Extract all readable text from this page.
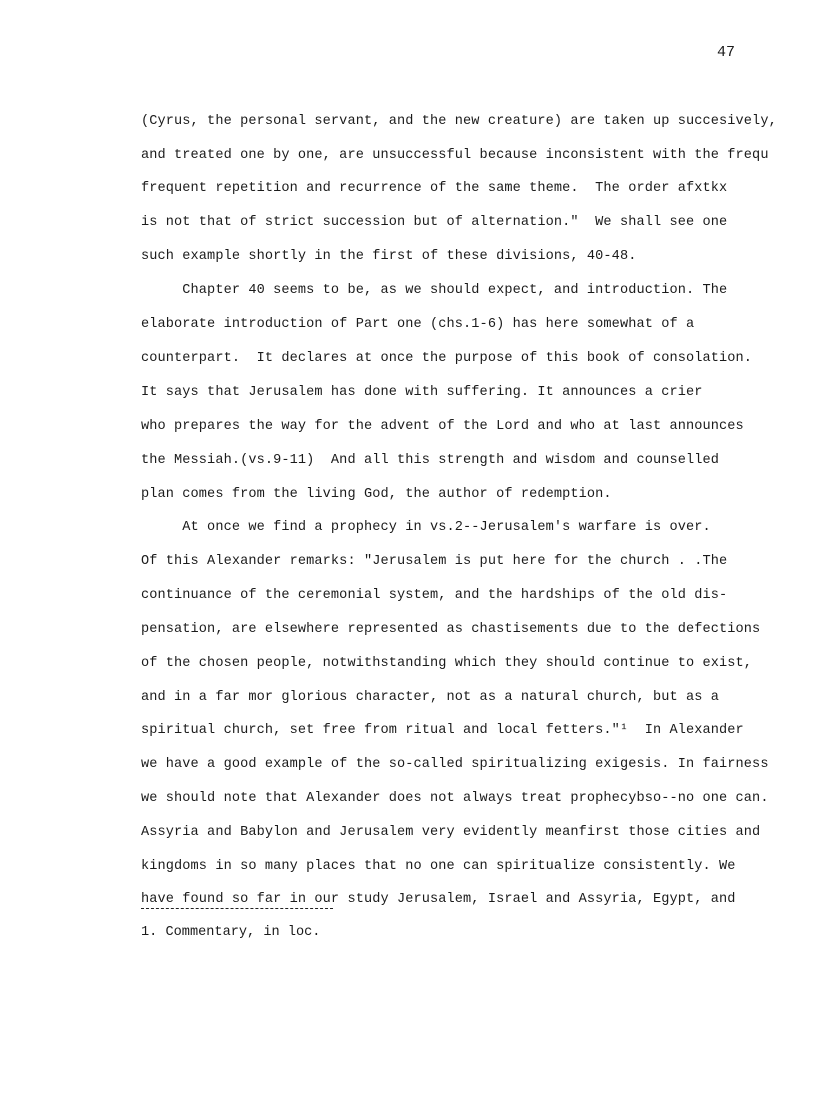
47
(Cyrus, the personal servant, and the new creature) are taken up succesively,
and treated one by one, are unsuccessful because inconsistent with the frequ
frequent repetition and recurrence of the same theme.  The order afxtkx
is not that of strict succession but of alternation."  We shall see one
such example shortly in the first of these divisions, 40-48.
Chapter 40 seems to be, as we should expect, and introduction. The
elaborate introduction of Part one (chs.1-6) has here somewhat of a
counterpart.  It declares at once the purpose of this book of consolation.
It says that Jerusalem has done with suffering. It announces a crier
who prepares the way for the advent of the Lord and who at last announces
the Messiah.(vs.9-11)  And all this strength and wisdom and counselled
plan comes from the living God, the author of redemption.
At once we find a prophecy in vs.2--Jerusalem's warfare is over.
Of this Alexander remarks: "Jerusalem is put here for the church . .The
continuance of the ceremonial system, and the hardships of the old dis-
pensation, are elsewhere represented as chastisements due to the defections
of the chosen people, notwithstanding which they should continue to exist,
and in a far mor glorious character, not as a natural church, but as a
spiritual church, set free from ritual and local fetters."¹  In Alexander
we have a good example of the so-called spiritualizing exigesis. In fairness
we should note that Alexander does not always treat prophecybso--no one can.
Assyria and Babylon and Jerusalem very evidently meanfirst those cities and
kingdoms in so many places that no one can spiritualize consistently. We
have found so far in our study Jerusalem, Israel and Assyria, Egypt, and
1. Commentary, in loc.
